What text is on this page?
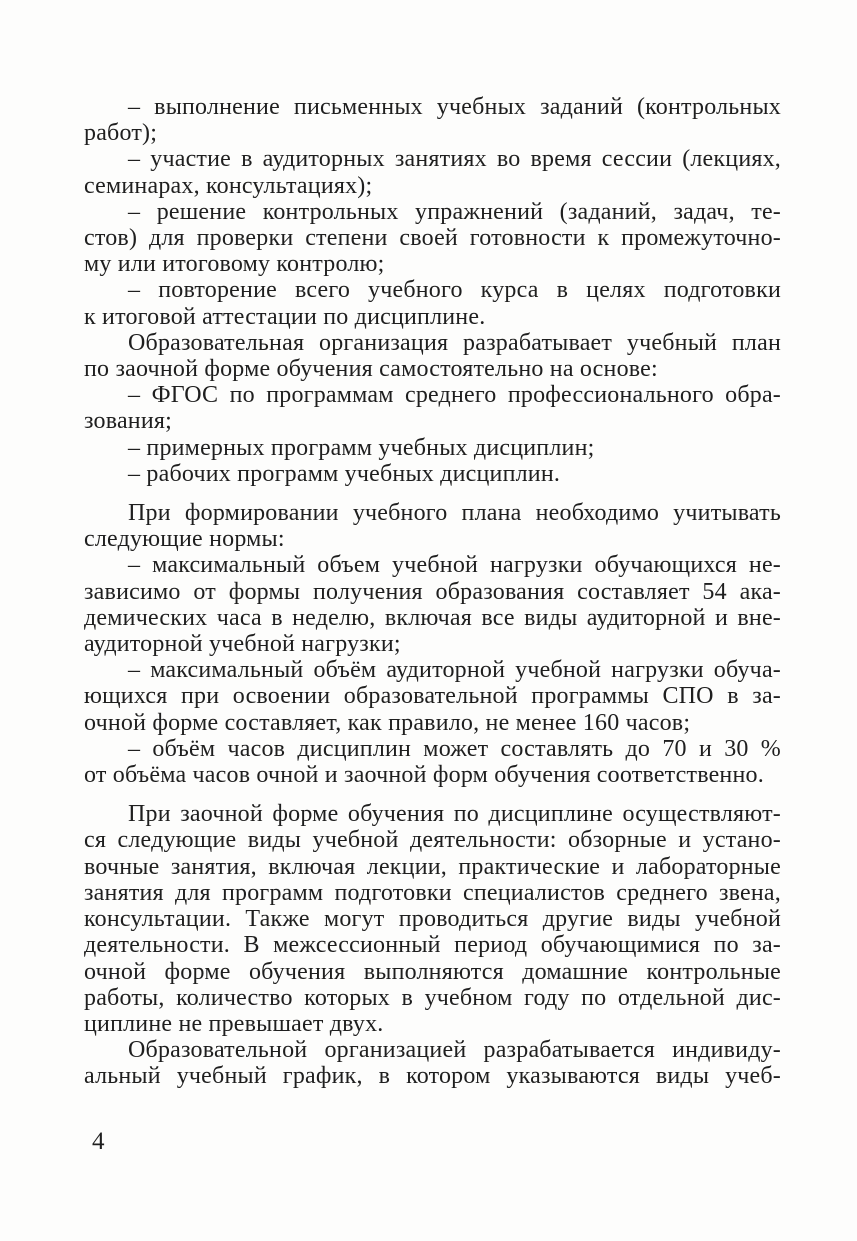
– выполнение письменных учебных заданий (контрольных
работ);
– участие в аудиторных занятиях во время сессии (лекциях,
семинарах, консультациях);
– решение контрольных упражнений (заданий, задач, те-
стов) для проверки степени своей готовности к промежуточно-
му или итоговому контролю;
– повторение всего учебного курса в целях подготовки
к итоговой аттестации по дисциплине.
Образовательная организация разрабатывает учебный план
по заочной форме обучения самостоятельно на основе:
– ФГОС по программам среднего профессионального обра-
зования;
– примерных программ учебных дисциплин;
– рабочих программ учебных дисциплин.
При формировании учебного плана необходимо учитывать
следующие нормы:
– максимальный объем учебной нагрузки обучающихся не-
зависимо от формы получения образования составляет 54 ака-
демических часа в неделю, включая все виды аудиторной и вне-
аудиторной учебной нагрузки;
– максимальный объём аудиторной учебной нагрузки обуча-
ющихся при освоении образовательной программы СПО в за-
очной форме составляет, как правило, не менее 160 часов;
– объём часов дисциплин может составлять до 70 и 30 %
от объёма часов очной и заочной форм обучения соответственно.
При заочной форме обучения по дисциплине осуществляют-
ся следующие виды учебной деятельности: обзорные и устано-
вочные занятия, включая лекции, практические и лабораторные
занятия для программ подготовки специалистов среднего звена,
консультации. Также могут проводиться другие виды учебной
деятельности. В межсессионный период обучающимися по за-
очной форме обучения выполняются домашние контрольные
работы, количество которых в учебном году по отдельной дис-
циплине не превышает двух.
Образовательной организацией разрабатывается индивиду-
альный учебный график, в котором указываются виды учеб-
4
